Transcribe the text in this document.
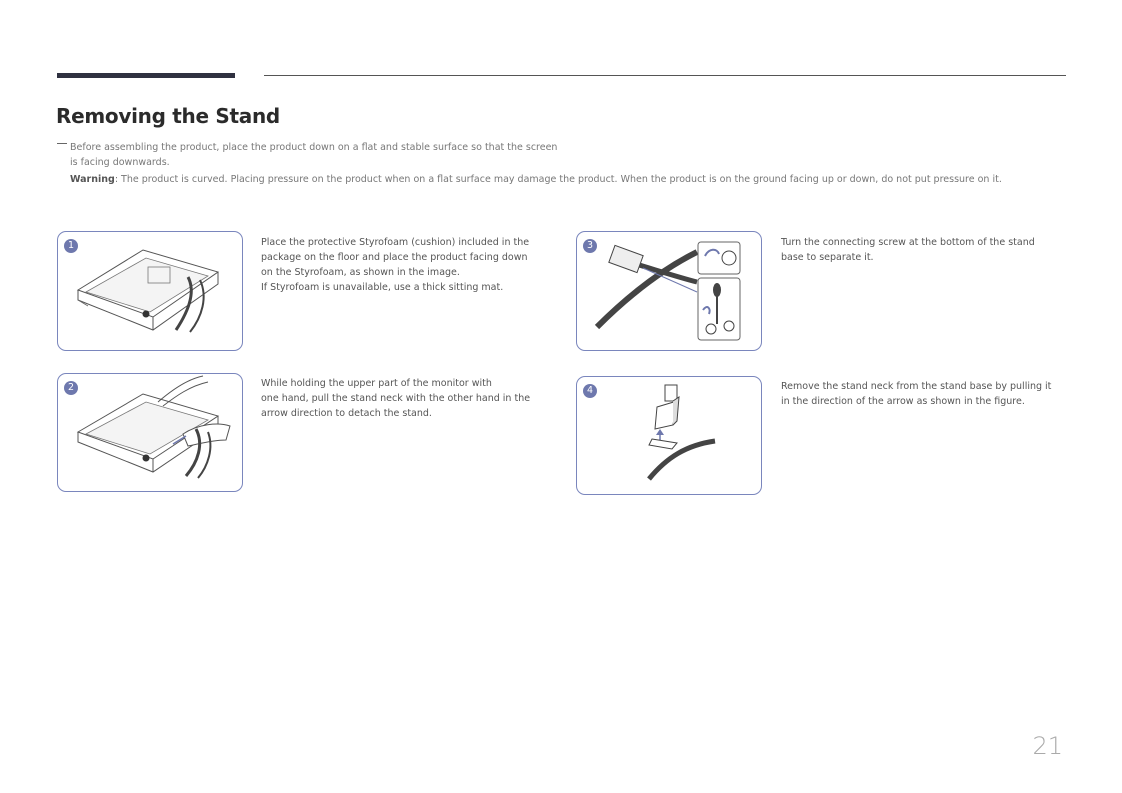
Removing the Stand

Before assembling the product, place the product down on a flat and stable surface so that the screen
is facing downwards.

Warning: The product is curved. Placing pressure on the product when on a flat surface may damage the product. When the product is on the ground facing up or down, do not put pressure on it.

1	Place the protective Styrofoam (cushion) included in the
package on the floor and place the product facing down
on the Styrofoam, as shown in the image.
If Styrofoam is unavailable, use a thick sitting mat.

2	While holding the upper part of the monitor with
one hand, pull the stand neck with the other hand in the
arrow direction to detach the stand.

3	Turn the connecting screw at the bottom of the stand
base to separate it.

4	Remove the stand neck from the stand base by pulling it
in the direction of the arrow as shown in the figure.

21
